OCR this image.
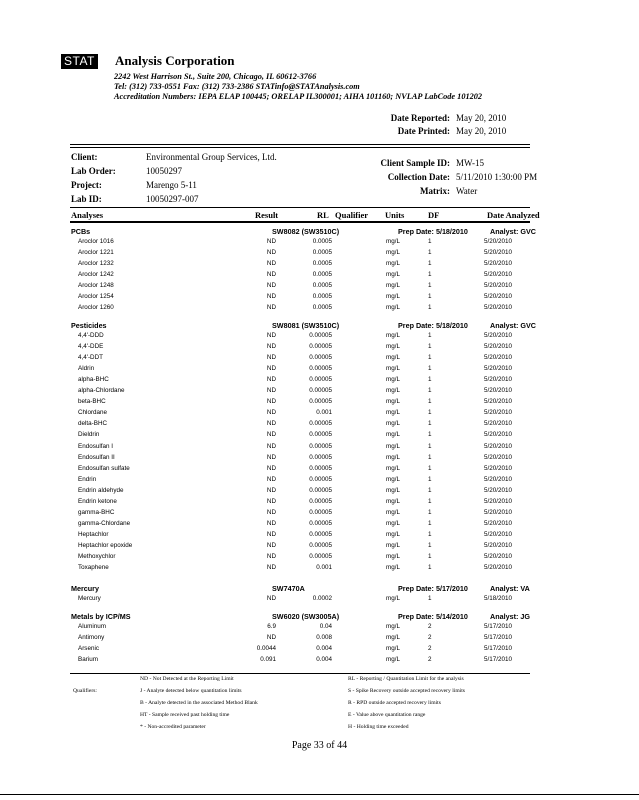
STAT Analysis Corporation
2242 West Harrison St., Suite 200, Chicago, IL 60612-3766
Tel: (312) 733-0551 Fax: (312) 733-2386 STATinfo@STATAnalysis.com
Accreditation Numbers: IEPA ELAP 100445; ORELAP IL300001; AIHA 101160; NVLAP LabCode 101202
Date Reported: May 20, 2010
Date Printed: May 20, 2010
Client:	Environmental Group Services, Ltd.
Lab Order:	10050297
Project:	Marengo 5-11
Lab ID:	10050297-007
Client Sample ID: MW-15
Collection Date: 5/11/2010 1:30:00 PM
Matrix: Water
Analyses	Result	RL Qualifier Units	DF	Date Analyzed
PCBs	SW8082 (SW3510C)	Prep Date: 5/18/2010	Analyst: GVC
Aroclor 1016	ND	0.0005	mg/L	1	5/20/2010
Aroclor 1221	ND	0.0005	mg/L	1	5/20/2010
Aroclor 1232	ND	0.0005	mg/L	1	5/20/2010
Aroclor 1242	ND	0.0005	mg/L	1	5/20/2010
Aroclor 1248	ND	0.0005	mg/L	1	5/20/2010
Aroclor 1254	ND	0.0005	mg/L	1	5/20/2010
Aroclor 1260	ND	0.0005	mg/L	1	5/20/2010
Pesticides	SW8081 (SW3510C)	Prep Date: 5/18/2010	Analyst: GVC
4,4'-DDD	ND	0.00005	mg/L	1	5/20/2010
4,4'-DDE	ND	0.00005	mg/L	1	5/20/2010
4,4'-DDT	ND	0.00005	mg/L	1	5/20/2010
Aldrin	ND	0.00005	mg/L	1	5/20/2010
alpha-BHC	ND	0.00005	mg/L	1	5/20/2010
alpha-Chlordane	ND	0.00005	mg/L	1	5/20/2010
beta-BHC	ND	0.00005	mg/L	1	5/20/2010
Chlordane	ND	0.001	mg/L	1	5/20/2010
delta-BHC	ND	0.00005	mg/L	1	5/20/2010
Dieldrin	ND	0.00005	mg/L	1	5/20/2010
Endosulfan I	ND	0.00005	mg/L	1	5/20/2010
Endosulfan II	ND	0.00005	mg/L	1	5/20/2010
Endosulfan sulfate	ND	0.00005	mg/L	1	5/20/2010
Endrin	ND	0.00005	mg/L	1	5/20/2010
Endrin aldehyde	ND	0.00005	mg/L	1	5/20/2010
Endrin ketone	ND	0.00005	mg/L	1	5/20/2010
gamma-BHC	ND	0.00005	mg/L	1	5/20/2010
gamma-Chlordane	ND	0.00005	mg/L	1	5/20/2010
Heptachlor	ND	0.00005	mg/L	1	5/20/2010
Heptachlor epoxide	ND	0.00005	mg/L	1	5/20/2010
Methoxychlor	ND	0.00005	mg/L	1	5/20/2010
Toxaphene	ND	0.001	mg/L	1	5/20/2010
Mercury	SW7470A	Prep Date: 5/17/2010	Analyst: VA
Mercury	ND	0.0002	mg/L	1	5/18/2010
Metals by ICP/MS	SW6020 (SW3005A)	Prep Date: 5/14/2010	Analyst: JG
Aluminum	6.9	0.04	mg/L	2	5/17/2010
Antimony	ND	0.008	mg/L	2	5/17/2010
Arsenic	0.0044	0.004	mg/L	2	5/17/2010
Barium	0.091	0.004	mg/L	2	5/17/2010
Qualifiers:
ND - Not Detected at the Reporting Limit
J - Analyte detected below quantitation limits
B - Analyte detected in the associated Method Blank
HT - Sample received past holding time
* - Non-accredited parameter
RL - Reporting / Quantitation Limit for the analysis
S - Spike Recovery outside accepted recovery limits
R - RPD outside accepted recovery limits
E - Value above quantitation range
H - Holding time exceeded
Page 33 of 44
